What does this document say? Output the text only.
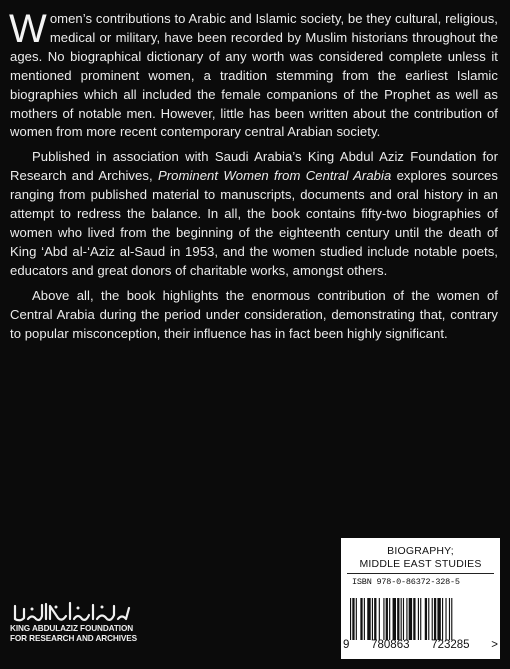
Women’s contributions to Arabic and Islamic society, be they cultural, religious, medical or military, have been recorded by Muslim historians throughout the ages. No biographical dictionary of any worth was considered complete unless it mentioned prominent women, a tradition stemming from the earliest Islamic biographies which all included the female companions of the Prophet as well as mothers of notable men. However, little has been written about the contribution of women from more recent contemporary central Arabian society.

Published in association with Saudi Arabia’s King Abdul Aziz Foundation for Research and Archives, Prominent Women from Central Arabia explores sources ranging from published material to manuscripts, documents and oral history in an attempt to redress the balance. In all, the book contains fifty-two biographies of women who lived from the beginning of the eighteenth century until the death of King ‘Abd al-‘Aziz al-Saud in 1953, and the women studied include notable poets, educators and great donors of charitable works, amongst others.

Above all, the book highlights the enormous contribution of the women of Central Arabia during the period under consideration, demonstrating that, contrary to popular misconception, their influence has in fact been highly significant.

KING ABDULAZIZ FOUNDATION
FOR RESEARCH AND ARCHIVES
BIOGRAPHY;
MIDDLE EAST STUDIES
ISBN 978-0-86372-328-5
9 780863 723285 >
